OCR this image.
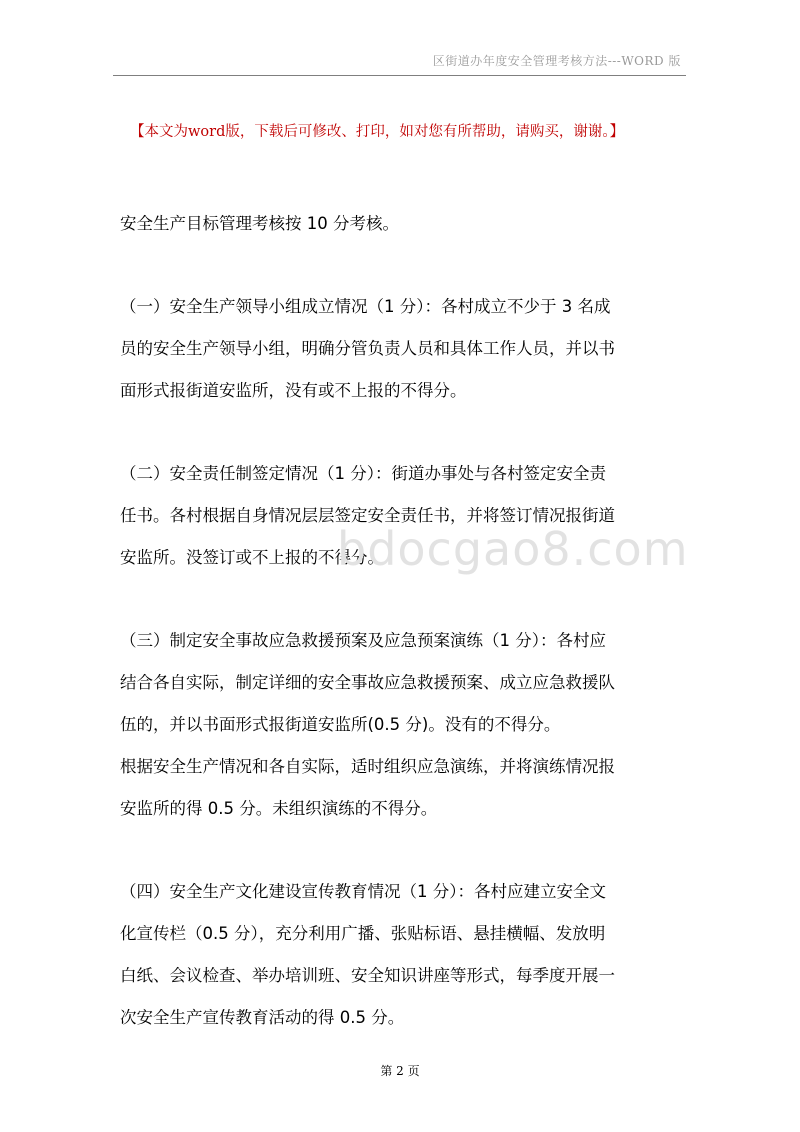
区街道办年度安全管理考核方法---WORD 版
【本文为word版，下载后可修改、打印，如对您有所帮助，请购买，谢谢。】
安全生产目标管理考核按 10 分考核。
（一）安全生产领导小组成立情况（1 分）：各村成立不少于 3 名成
员的安全生产领导小组，明确分管负责人员和具体工作人员，并以书
面形式报街道安监所，没有或不上报的不得分。
（二）安全责任制签定情况（1 分）：街道办事处与各村签定安全责
任书。各村根据自身情况层层签定安全责任书，并将签订情况报街道
安监所。没签订或不上报的不得分。
（三）制定安全事故应急救援预案及应急预案演练（1 分）：各村应
结合各自实际，制定详细的安全事故应急救援预案、成立应急救援队
伍的，并以书面形式报街道安监所(0.5 分)。没有的不得分。
根据安全生产情况和各自实际，适时组织应急演练，并将演练情况报
安监所的得 0.5 分。未组织演练的不得分。
（四）安全生产文化建设宣传教育情况（1 分）：各村应建立安全文
化宣传栏（0.5 分），充分利用广播、张贴标语、悬挂横幅、发放明
白纸、会议检查、举办培训班、安全知识讲座等形式，每季度开展一
次安全生产宣传教育活动的得 0.5 分。
bdocgao8.com
第 2 页
